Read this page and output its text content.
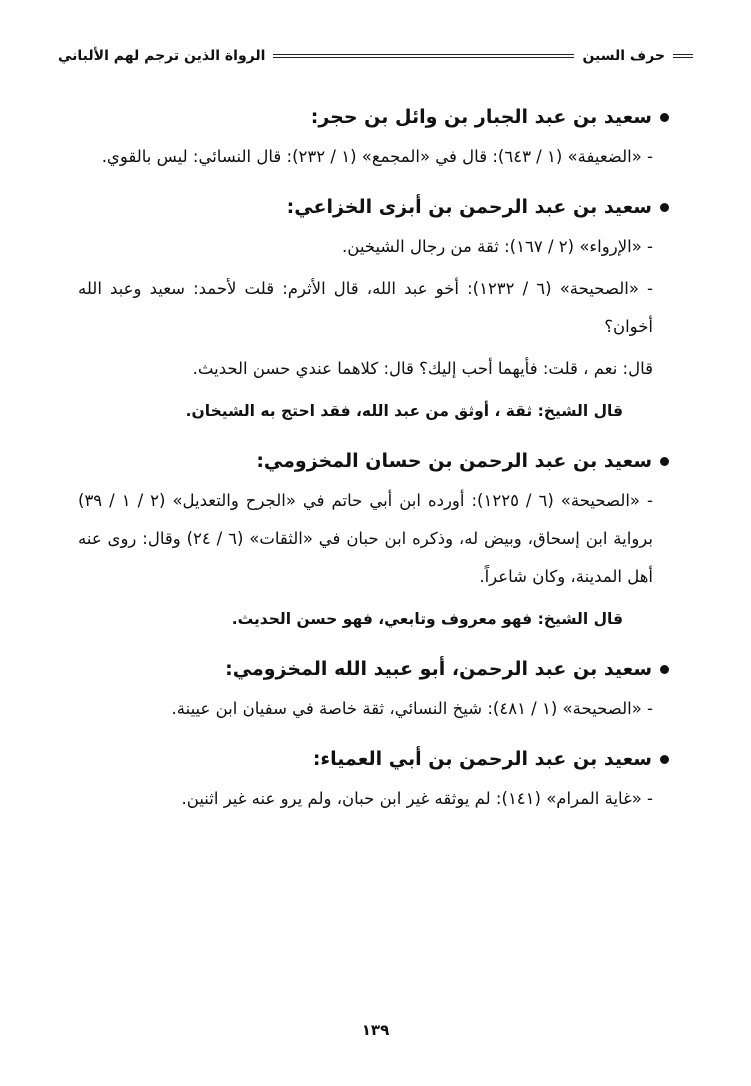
حرف السين
الرواة الذين ترجم لهم الألباني
سعيد بن عبد الجبار بن وائل بن حجر:

- «الضعيفة» (١ / ٦٤٣): قال في «المجمع» (١ / ٢٣٢): قال النسائي: ليس بالقوي.

سعيد بن عبد الرحمن بن أبزى الخزاعي:

- «الإرواء» (٢ / ١٦٧): ثقة من رجال الشيخين.

- «الصحيحة» (٦ / ١٢٣٢): أخو عبد الله، قال الأثرم: قلت لأحمد: سعيد وعبد الله أخوان؟

قال: نعم ، قلت: فأيهما أحب إليك؟ قال: كلاهما عندي حسن الحديث.

قال الشيخ: ثقة ، أوثق من عبد الله، فقد احتج به الشيخان.

سعيد بن عبد الرحمن بن حسان المخزومي:

- «الصحيحة» (٦ / ١٢٢٥): أورده ابن أبي حاتم في «الجرح والتعديل» (٢ / ١ / ٣٩) برواية ابن إسحاق، وبيض له، وذكره ابن حبان في «الثقات» (٦ / ٢٤) وقال: روى عنه أهل المدينة، وكان شاعراً.

قال الشيخ: فهو معروف وتابعي، فهو حسن الحديث.

سعيد بن عبد الرحمن، أبو عبيد الله المخزومي:

- «الصحيحة» (١ / ٤٨١): شيخ النسائي، ثقة خاصة في سفيان ابن عيينة.

سعيد بن عبد الرحمن بن أبي العمياء:

- «غاية المرام» (١٤١): لم يوثقه غير ابن حبان، ولم يرو عنه غير اثنين.

١٣٩
